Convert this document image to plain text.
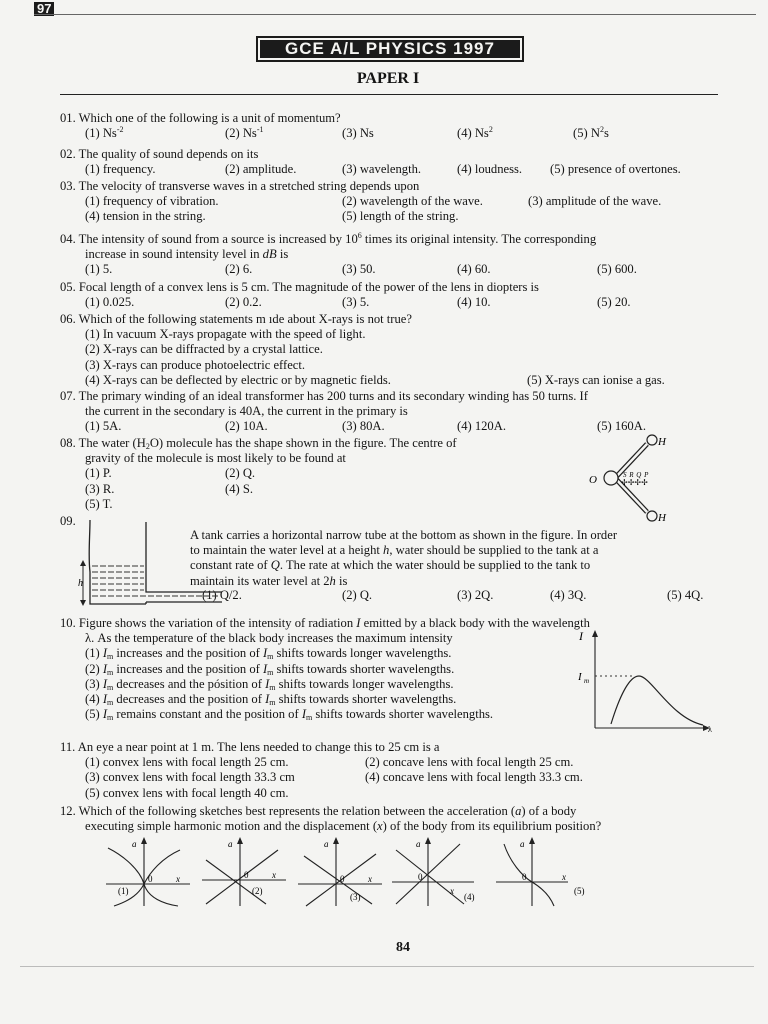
97
GCE A/L PHYSICS 1997
PAPER I
01. Which one of the following is a unit of momentum?
(1) $Ns^{-2}$	(2) $Ns^{-1}$	(3) Ns	(4) Ns$^2$	(5) $N^2s$
02. The quality of sound depends on its
(1) frequency.	(2) amplitude.	(3) wavelength.	(4) loudness. (5) presence of overtones.
03. The velocity of transverse waves in a stretched string depends upon
(1) frequency of vibration.	(2) wavelength of the wave.	(3) amplitude of the wave.
(4) tension in the string.	(5) length of the string.
04. The intensity of sound from a source is increased by $10^6$ times its original intensity. The corresponding
increase in sound intensity level in dB is
(1) 5.	(2) 6.	(3) 50.	(4) 60.	(5) 600.
05. Focal length of a convex lens is 5 cm. The magnitude of the power of the lens in diopters is
(1) 0.025.	(2) 0.2.	(3) 5.	(4) 10.	(5) 20.
06. Which of the following statements m ıde about X-rays is not true?
(1) In vacuum X-rays propagate with the speed of light.
(2) X-rays can be diffracted by a crystal lattice.
(3) X-rays can produce photoelectric effect.
(4) X-rays can be deflected by electric or by magnetic fields.	(5) X-rays can ionise a gas.
07. The primary winding of an ideal transformer has 200 turns and its secondary winding has 50 turns. If
the current in the secondary is 40A, the current in the primary is
(1) 5A.	(2) 10A.	(3) 80A.	(4) 120A.	(5) 160A.
08. The water $(H_2O)$ molecule has the shape shown in the figure. The centre of
gravity of the molecule is most likely to be found at
(1) P.	(2) Q.
(3) R.	(4) S.
(5) T.
H
H
O	S R Q P
✢✢✢✢
09.
A tank carries a horizontal narrow tube at the bottom as shown in the figure. In order
to maintain the water level at a height h, water should be supplied to the tank at a
constant rate of Q. The rate at which the water should be supplied to the tank to
maintain its water level at 2h is
(1) Q/2.	(2) Q.	(3) 2Q.	(4) 3Q.	(5) 4Q.
h
10. Figure shows the variation of the intensity of radiation I emitted by a black body with the wavelength
λ. As the temperature of the black body increases the maximum intensity
(1) $I_m$ increases and the position of $I_m$ shifts towards longer wavelengths.
(2) $I_m$ increases and the position of $I_m$ shifts towards shorter wavelengths.
(3) $I_m$ decreases and the pósition of $I_m$ shifts towards longer wavelengths.
(4) $I_m$ decreases and the position of $I_m$ shifts towards shorter wavelengths.
(5) $I_m$ remains constant and the position of $I_m$ shifts towards shorter wavelengths.
I
λ
I m
11. An eye a near point at 1 m. The lens needed to change this to 25 cm is a
(1) convex lens with focal length 25 cm.	(2) concave lens with focal length 25 cm.
(3) convex lens with focal length 33.3 cm	(4) concave lens with focal length 33.3 cm.
(5) convex lens with focal length 40 cm.
12. Which of the following sketches best represents the relation between the acceleration (a) of a body
executing simple harmonic motion and the displacement (x) of the body from its equilibrium position?
a
0	x
(1)
a
0	x
(2)
a
0	x
(3)
a
0
x
(4)
a
0	x
(5)
84
